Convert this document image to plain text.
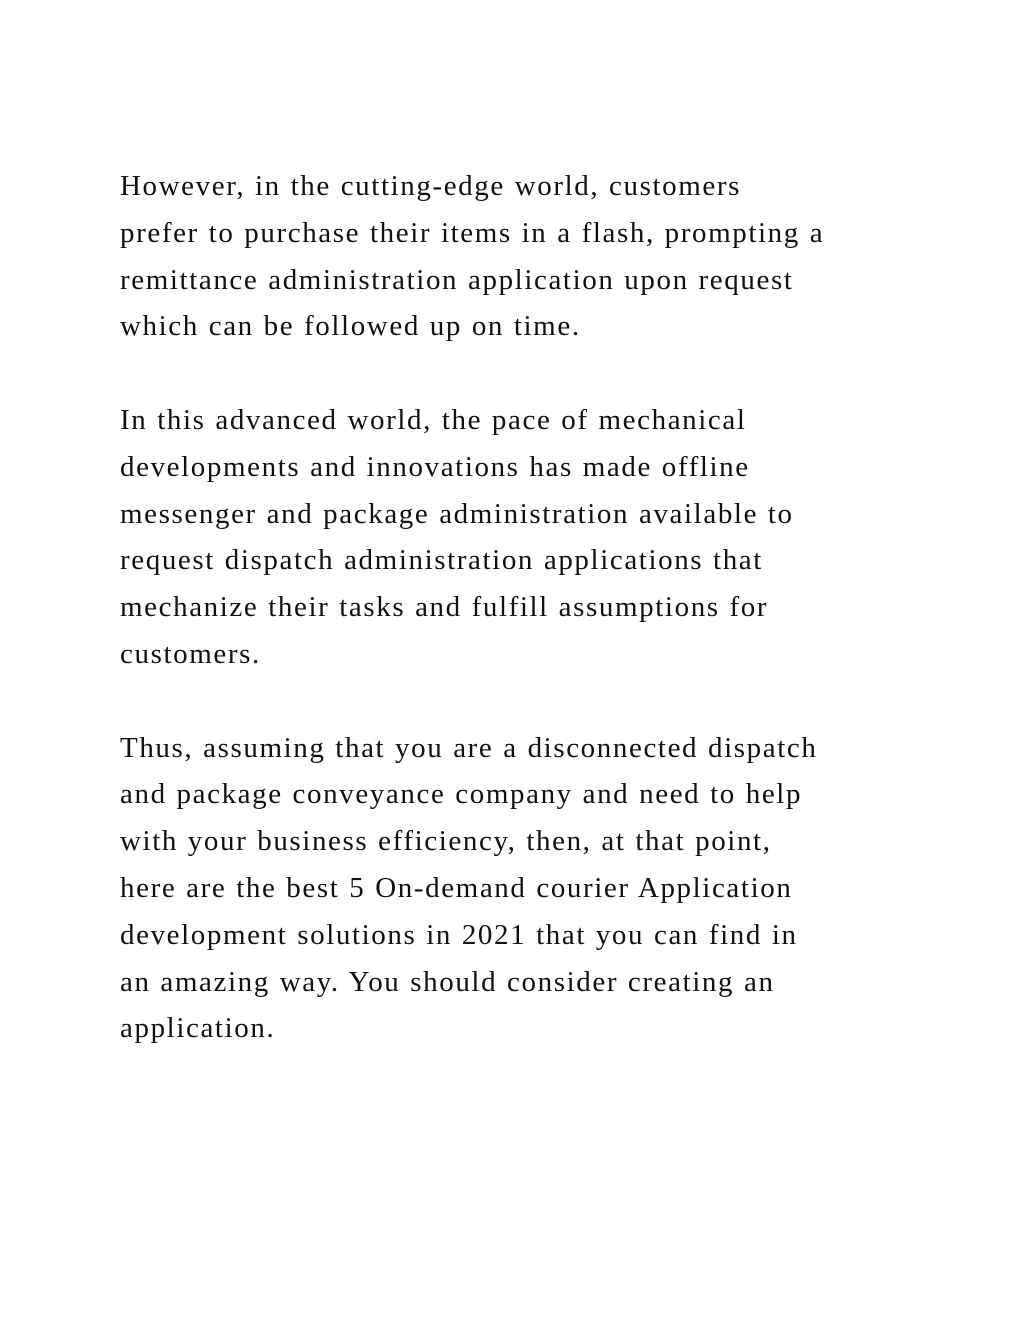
However, in the cutting-edge world, customers
prefer to purchase their items in a flash, prompting a
remittance administration application upon request
which can be followed up on time.
In this advanced world, the pace of mechanical
developments and innovations has made offline
messenger and package administration available to
request dispatch administration applications that
mechanize their tasks and fulfill assumptions for
customers.
Thus, assuming that you are a disconnected dispatch
and package conveyance company and need to help
with your business efficiency, then, at that point,
here are the best 5 On-demand courier Application
development solutions in 2021 that you can find in
an amazing way. You should consider creating an
application.
